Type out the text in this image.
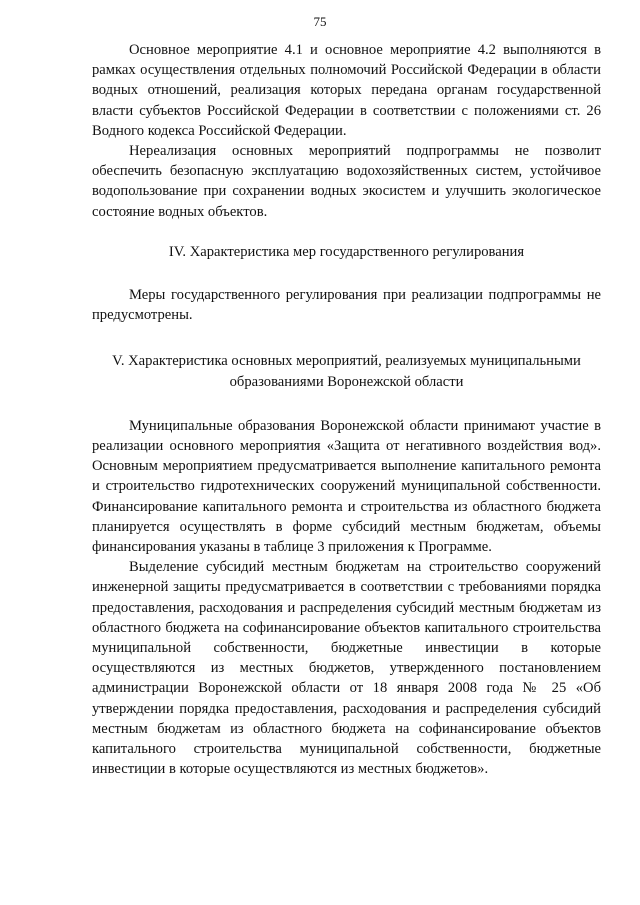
75

Основное мероприятие 4.1 и основное мероприятие 4.2 выполняются в рамках осуществления отдельных полномочий Российской Федерации в области водных отношений, реализация которых передана органам государственной власти субъектов Российской Федерации в соответствии с положениями ст. 26 Водного кодекса Российской Федерации.

Нереализация основных мероприятий подпрограммы не позволит обеспечить безопасную эксплуатацию водохозяйственных систем, устойчивое водопользование при сохранении водных экосистем и улучшить экологическое состояние водных объектов.

IV. Характеристика мер государственного регулирования

Меры государственного регулирования при реализации подпрограммы не предусмотрены.

V. Характеристика основных мероприятий, реализуемых муниципальными
образованиями Воронежской области

Муниципальные образования Воронежской области принимают участие в реализации основного мероприятия «Защита от негативного воздействия вод». Основным мероприятием предусматривается выполнение капитального ремонта и строительство гидротехнических сооружений муниципальной собственности. Финансирование капитального ремонта и строительства из областного бюджета планируется осуществлять в форме субсидий местным бюджетам, объемы финансирования указаны в таблице 3 приложения к Программе.

Выделение субсидий местным бюджетам на строительство сооружений инженерной защиты предусматривается в соответствии с требованиями порядка предоставления, расходования и распределения субсидий местным бюджетам из областного бюджета на софинансирование объектов капитального строительства муниципальной собственности, бюджетные инвестиции в которые осуществляются из местных бюджетов, утвержденного постановлением администрации Воронежской области от 18 января 2008 года № 25 «Об утверждении порядка предоставления, расходования и распределения субсидий местным бюджетам из областного бюджета на софинансирование объектов капитального строительства муниципальной собственности, бюджетные инвестиции в которые осуществляются из местных бюджетов».
